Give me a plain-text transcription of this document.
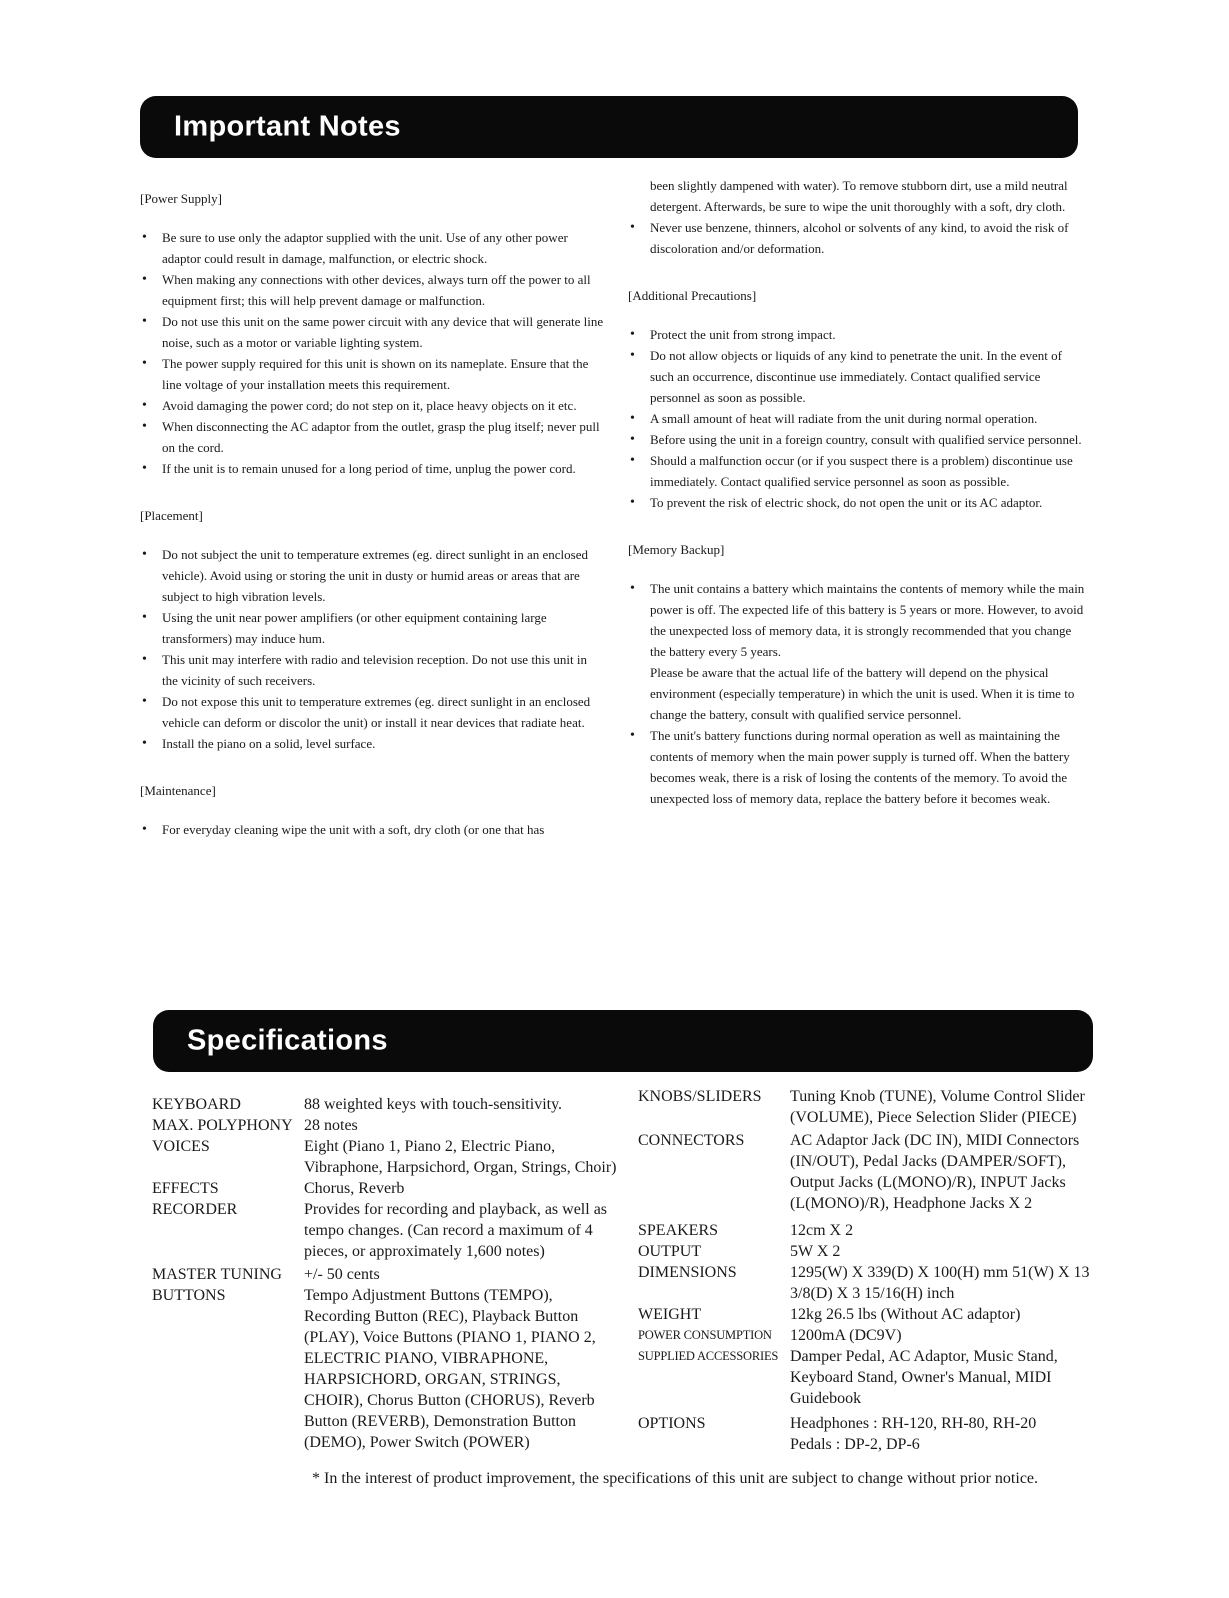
Important Notes
[Power Supply]
• Be sure to use only the adaptor supplied with the unit. Use of any other power adaptor could result in damage, malfunction, or electric shock.
• When making any connections with other devices, always turn off the power to all equipment first; this will help prevent damage or malfunction.
• Do not use this unit on the same power circuit with any device that will generate line noise, such as a motor or variable lighting system.
• The power supply required for this unit is shown on its nameplate. Ensure that the line voltage of your installation meets this requirement.
• Avoid damaging the power cord; do not step on it, place heavy objects on it etc.
• When disconnecting the AC adaptor from the outlet, grasp the plug itself; never pull on the cord.
• If the unit is to remain unused for a long period of time, unplug the power cord.
[Placement]
• Do not subject the unit to temperature extremes (eg. direct sunlight in an enclosed vehicle). Avoid using or storing the unit in dusty or humid areas or areas that are subject to high vibration levels.
• Using the unit near power amplifiers (or other equipment containing large transformers) may induce hum.
• This unit may interfere with radio and television reception. Do not use this unit in the vicinity of such receivers.
• Do not expose this unit to temperature extremes (eg. direct sunlight in an enclosed vehicle can deform or discolor the unit) or install it near devices that radiate heat.
• Install the piano on a solid, level surface.
[Maintenance]
• For everyday cleaning wipe the unit with a soft, dry cloth (or one that has

been slightly dampened with water). To remove stubborn dirt, use a mild neutral detergent. Afterwards, be sure to wipe the unit thoroughly with a soft, dry cloth.

• Never use benzene, thinners, alcohol or solvents of any kind, to avoid the risk of discoloration and/or deformation.
[Additional Precautions]
• Protect the unit from strong impact.
• Do not allow objects or liquids of any kind to penetrate the unit. In the event of such an occurrence, discontinue use immediately. Contact qualified service personnel as soon as possible.
• A small amount of heat will radiate from the unit during normal operation.
• Before using the unit in a foreign country, consult with qualified service personnel.
• Should a malfunction occur (or if you suspect there is a problem) discontinue use immediately. Contact qualified service personnel as soon as possible.
• To prevent the risk of electric shock, do not open the unit or its AC adaptor.
[Memory Backup]
• The unit contains a battery which maintains the contents of memory while the main power is off. The expected life of this battery is 5 years or more. However, to avoid the unexpected loss of memory data, it is strongly recommended that you change the battery every 5 years.
Please be aware that the actual life of the battery will depend on the physical environment (especially temperature) in which the unit is used. When it is time to change the battery, consult with qualified service personnel.
• The unit's battery functions during normal operation as well as maintaining the contents of memory when the main power supply is turned off. When the battery becomes weak, there is a risk of losing the contents of the memory. To avoid the unexpected loss of memory data, replace the battery before it becomes weak.
Specifications
KEYBOARD	88 weighted keys with touch-sensitivity.
MAX. POLYPHONY 28 notes
VOICES	Eight (Piano 1, Piano 2, Electric Piano, Vibraphone, Harpsichord, Organ, Strings, Choir)
EFFECTS	Chorus, Reverb
RECORDER	Provides for recording and playback, as well as tempo changes. (Can record a maximum of 4 pieces, or approximately 1,600 notes)
MASTER TUNING	+/- 50 cents
BUTTONS	Tempo Adjustment Buttons (TEMPO), Recording Button (REC), Playback Button (PLAY), Voice Buttons (PIANO 1, PIANO 2, ELECTRIC PIANO, VIBRAPHONE, HARPSICHORD, ORGAN, STRINGS, CHOIR), Chorus Button (CHORUS), Reverb Button (REVERB), Demonstration Button (DEMO), Power Switch (POWER)
KNOBS/SLIDERS	Tuning Knob (TUNE), Volume Control Slider (VOLUME), Piece Selection Slider (PIECE)
CONNECTORS	AC Adaptor Jack (DC IN), MIDI Connectors (IN/OUT), Pedal Jacks (DAMPER/SOFT), Output Jacks (L(MONO)/R), INPUT Jacks (L(MONO)/R), Headphone Jacks X 2
SPEAKERS	12cm X 2
OUTPUT	5W X 2
DIMENSIONS	1295(W) X 339(D) X 100(H) mm 51(W) X 13 3/8(D) X 3 15/16(H) inch
WEIGHT	12kg 26.5 lbs (Without AC adaptor)
POWER CONSUMPTION	1200mA (DC9V)
SUPPLIED ACCESSORIES Damper Pedal, AC Adaptor, Music Stand, Keyboard Stand, Owner's Manual, MIDI Guidebook
OPTIONS	Headphones : RH-120, RH-80, RH-20
Pedals : DP-2, DP-6
* In the interest of product improvement, the specifications of this unit are subject to change without prior notice.
